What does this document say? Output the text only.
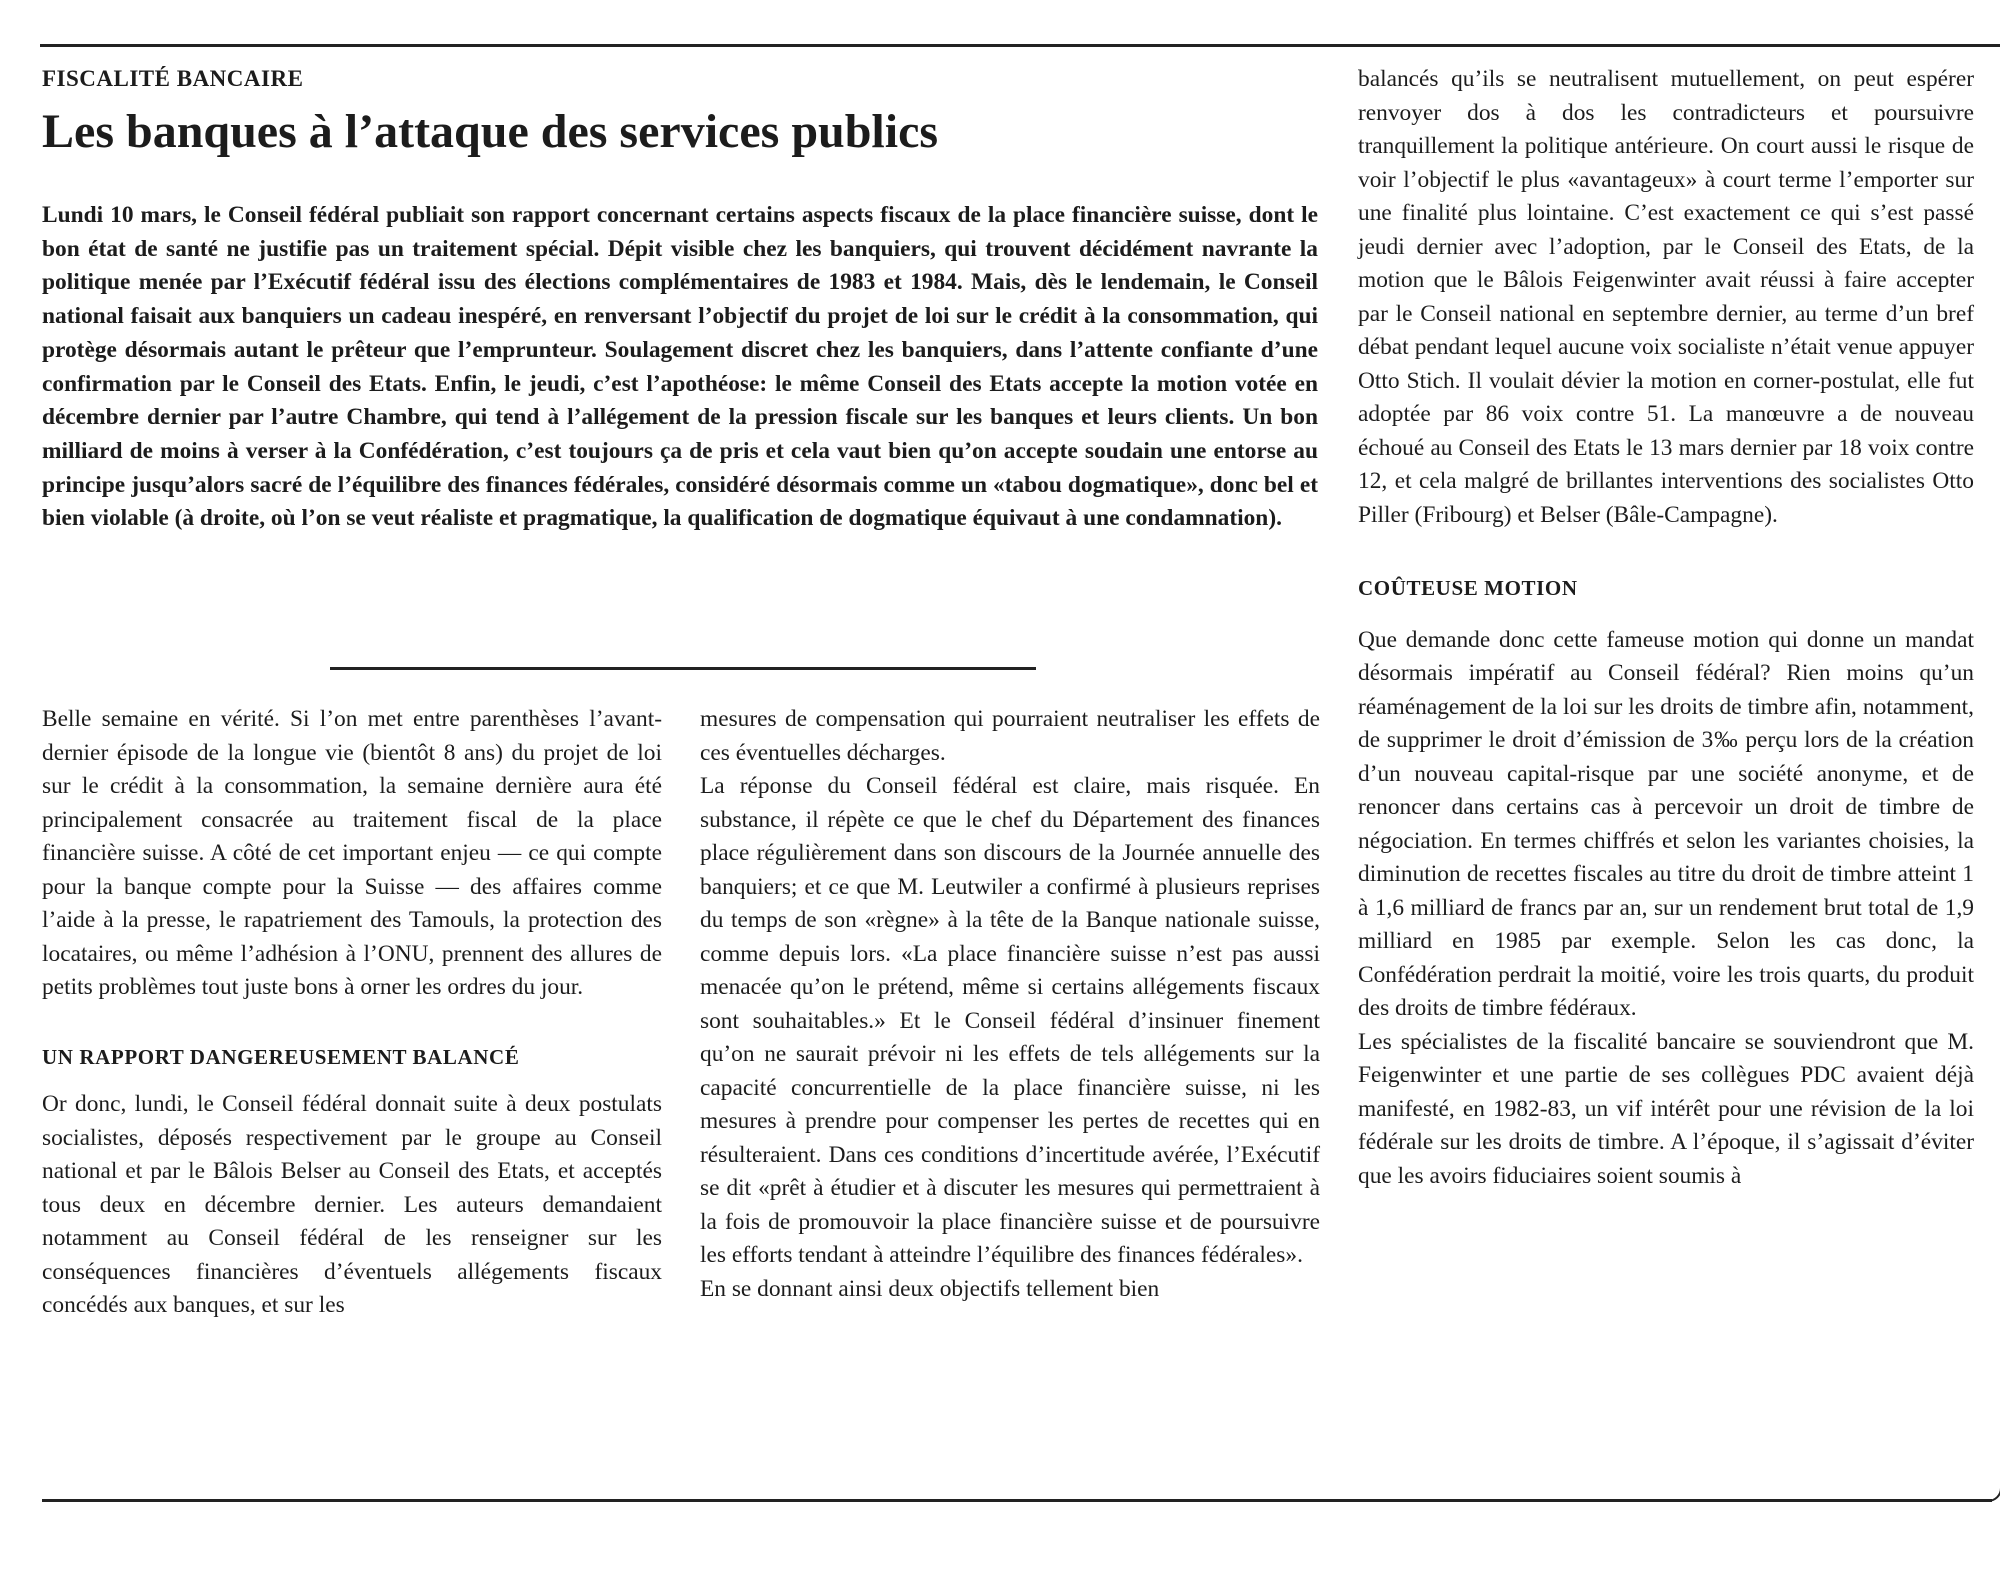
FISCALITÉ BANCAIRE
Les banques à l’attaque des services publics
Lundi 10 mars, le Conseil fédéral publiait son rapport concernant certains aspects fiscaux de la place financière suisse, dont le bon état de santé ne justifie pas un traitement spécial. Dépit visible chez les banquiers, qui trouvent décidément navrante la politique menée par l’Exécutif fédéral issu des élections complémentaires de 1983 et 1984. Mais, dès le lendemain, le Conseil national faisait aux banquiers un cadeau inespéré, en renversant l’objectif du projet de loi sur le crédit à la consommation, qui protège désormais autant le prêteur que l’emprunteur. Soulagement discret chez les banquiers, dans l’attente confiante d’une confirmation par le Conseil des Etats. Enfin, le jeudi, c’est l’apothéose: le même Conseil des Etats accepte la motion votée en décembre dernier par l’autre Chambre, qui tend à l’allégement de la pression fiscale sur les banques et leurs clients. Un bon milliard de moins à verser à la Confédération, c’est toujours ça de pris et cela vaut bien qu’on accepte soudain une entorse au principe jusqu’alors sacré de l’équilibre des finances fédérales, considéré désormais comme un «tabou dogmatique», donc bel et bien violable (à droite, où l’on se veut réaliste et pragmatique, la qualification de dogmatique équivaut à une condamnation).

Belle semaine en vérité. Si l’on met entre parenthèses l’avant-dernier épisode de la longue vie (bientôt 8 ans) du projet de loi sur le crédit à la consommation, la semaine dernière aura été principalement consacrée au traitement fiscal de la place financière suisse. A côté de cet important enjeu — ce qui compte pour la banque compte pour la Suisse — des affaires comme l’aide à la presse, le rapatriement des Tamouls, la protection des locataires, ou même l’adhésion à l’ONU, prennent des allures de petits problèmes tout juste bons à orner les ordres du jour.

UN RAPPORT DANGEREUSEMENT BALANCÉ

Or donc, lundi, le Conseil fédéral donnait suite à deux postulats socialistes, déposés respectivement par le groupe au Conseil national et par le Bâlois Belser au Conseil des Etats, et acceptés tous deux en décembre dernier. Les auteurs demandaient notamment au Conseil fédéral de les renseigner sur les conséquences financières d’éventuels allégements fiscaux concédés aux banques, et sur les

mesures de compensation qui pourraient neutraliser les effets de ces éventuelles décharges.

La réponse du Conseil fédéral est claire, mais risquée. En substance, il répète ce que le chef du Département des finances place régulièrement dans son discours de la Journée annuelle des banquiers; et ce que M. Leutwiler a confirmé à plusieurs reprises du temps de son «règne» à la tête de la Banque nationale suisse, comme depuis lors. «La place financière suisse n’est pas aussi menacée qu’on le prétend, même si certains allégements fiscaux sont souhaitables.» Et le Conseil fédéral d’insinuer finement qu’on ne saurait prévoir ni les effets de tels allégements sur la capacité concurrentielle de la place financière suisse, ni les mesures à prendre pour compenser les pertes de recettes qui en résulteraient. Dans ces conditions d’incertitude avérée, l’Exécutif se dit «prêt à étudier et à discuter les mesures qui permettraient à la fois de promouvoir la place financière suisse et de poursuivre les efforts tendant à atteindre l’équilibre des finances fédérales».

En se donnant ainsi deux objectifs tellement bien

balancés qu’ils se neutralisent mutuellement, on peut espérer renvoyer dos à dos les contradicteurs et poursuivre tranquillement la politique antérieure. On court aussi le risque de voir l’objectif le plus «avantageux» à court terme l’emporter sur une finalité plus lointaine. C’est exactement ce qui s’est passé jeudi dernier avec l’adoption, par le Conseil des Etats, de la motion que le Bâlois Feigenwinter avait réussi à faire accepter par le Conseil national en septembre dernier, au terme d’un bref débat pendant lequel aucune voix socialiste n’était venue appuyer Otto Stich. Il voulait dévier la motion en corner-postulat, elle fut adoptée par 86 voix contre 51. La manœuvre a de nouveau échoué au Conseil des Etats le 13 mars dernier par 18 voix contre 12, et cela malgré de brillantes interventions des socialistes Otto Piller (Fribourg) et Belser (Bâle-Campagne).

COÛTEUSE MOTION

Que demande donc cette fameuse motion qui donne un mandat désormais impératif au Conseil fédéral? Rien moins qu’un réaménagement de la loi sur les droits de timbre afin, notamment, de supprimer le droit d’émission de 3‰ perçu lors de la création d’un nouveau capital-risque par une société anonyme, et de renoncer dans certains cas à percevoir un droit de timbre de négociation. En termes chiffrés et selon les variantes choisies, la diminution de recettes fiscales au titre du droit de timbre atteint 1 à 1,6 milliard de francs par an, sur un rendement brut total de 1,9 milliard en 1985 par exemple. Selon les cas donc, la Confédération perdrait la moitié, voire les trois quarts, du produit des droits de timbre fédéraux.

Les spécialistes de la fiscalité bancaire se souviendront que M. Feigenwinter et une partie de ses collègues PDC avaient déjà manifesté, en 1982-83, un vif intérêt pour une révision de la loi fédérale sur les droits de timbre. A l’époque, il s’agissait d’éviter que les avoirs fiduciaires soient soumis à
